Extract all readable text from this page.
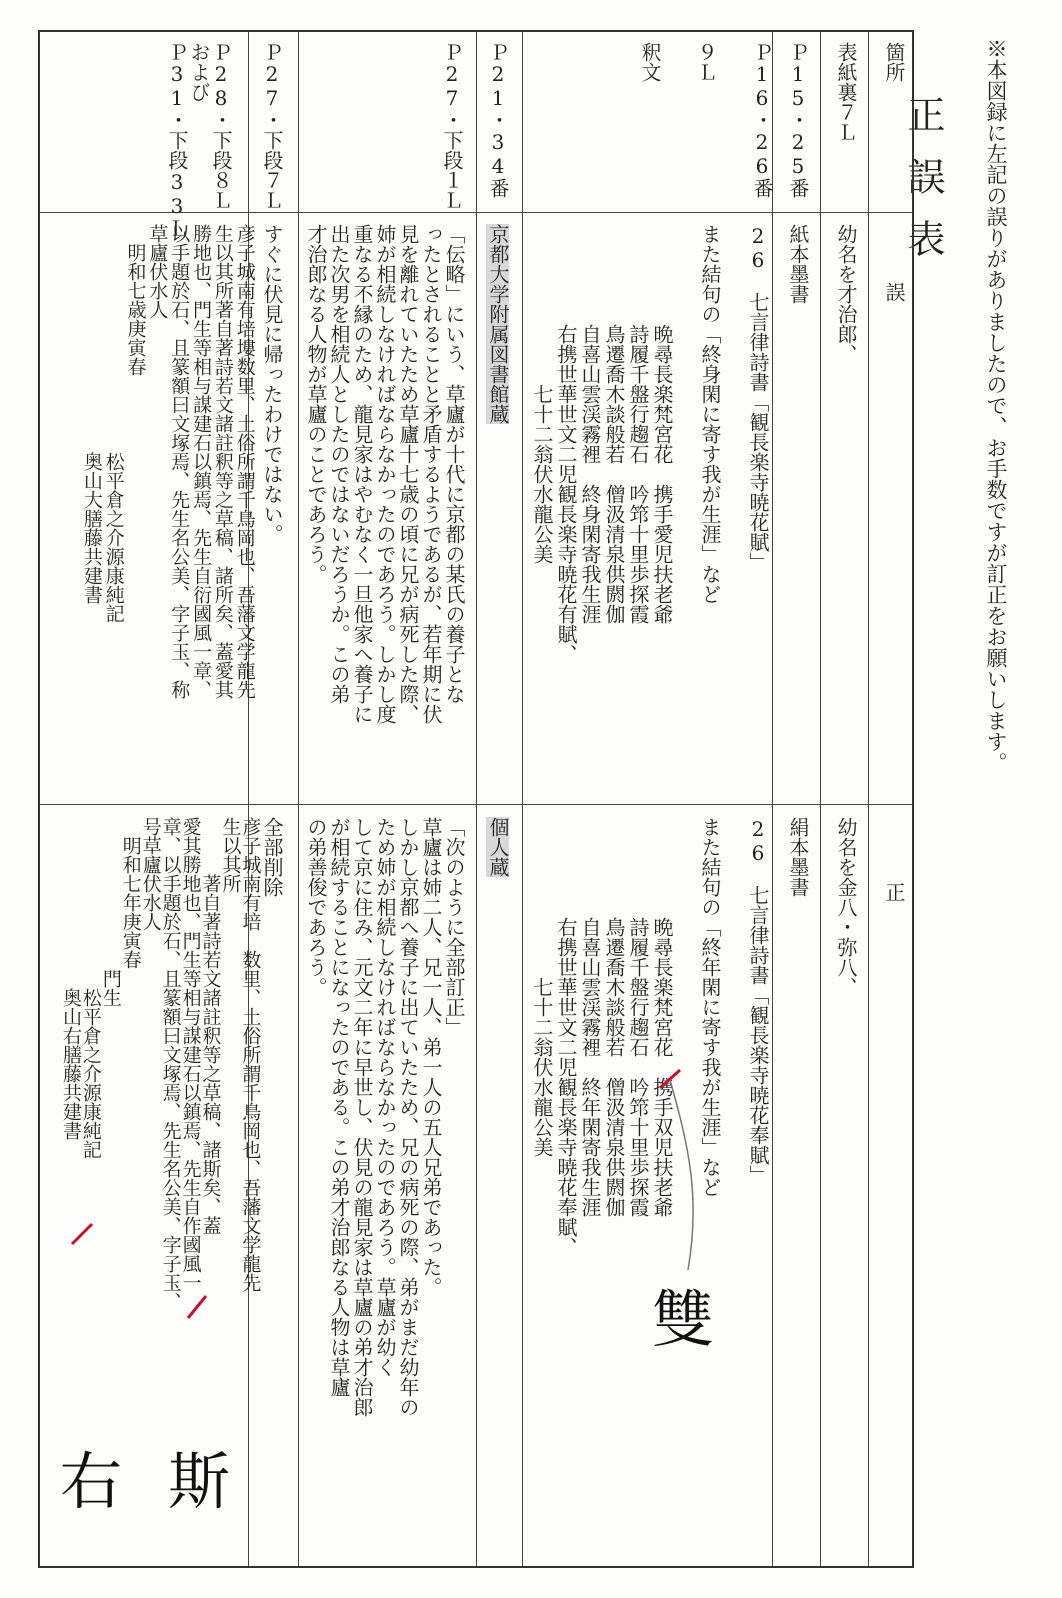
※本図録に左記の誤りがありましたので、お手数ですが訂正をお願いします。
正誤表
箇所
誤
正
表紙裏７Ｌ
幼名を才治郎、
幼名を金八・弥八、
Ｐ15・25番
紙本墨書
絹本墨書
Ｐ16・26番

９Ｌ

釈文
26　七言律詩書「観長楽寺暁花賦」

また結句の「終身閑に寄す我が生涯」など

　　　　　晩尋長楽梵宮花　携手愛児扶老爺
　　　　　詩履千盤行趨石　吟筇十里歩探霞
　　　　　鳥遷喬木談般若　僧汲清泉供閼伽
　　　　　自喜山雲渓霧裡　終身閑寄我生涯
　　　　　右携世華世文二児観長楽寺暁花有賦、
　　　　　　　　七十二翁伏水龍公美
26　七言律詩書「観長楽寺暁花奉賦」

また結句の「終年閑に寄す我が生涯」など

　　　　　晩尋長楽梵宮花　携手双児扶老爺
　　　　　詩履千盤行趨石　吟筇十里歩探霞
　　　　　鳥遷喬木談般若　僧汲清泉供閼伽
　　　　　自喜山雲渓霧裡　終年閑寄我生涯
　　　　　右携世華世文二児観長楽寺暁花奉賦、
　　　　　　　　七十二翁伏水龍公美
Ｐ21・34番
京都大学附属図書館蔵
個人蔵
Ｐ27・下段１Ｌ
「伝略」にいう、草廬が十代に京都の某氏の養子とな
ったとされることと矛盾するようであるが、若年期に伏
見を離れていたため草廬十七歳の頃に兄が病死した際、
姉が相続しなければならなかったのであろう。しかし度
重なる不縁のため、龍見家はやむなく一旦他家へ養子に
出た次男を相続人としたのではないだろうか。この弟
才治郎なる人物が草廬のことであろう。
「次のように全部訂正」
草廬は姉二人、兄一人、弟一人の五人兄弟であった。
しかし京都へ養子に出ていたため、兄の病死の際、弟がまだ幼年の
ため姉が相続しなければならなかったのであろう。草廬が幼く
して京に住み、元文二年に早世し、伏見の龍見家は草廬の弟才治郎
が相続することになったのである。この弟才治郎なる人物は草廬
の弟善俊であろう。
Ｐ27・下段７Ｌ
すぐに伏見に帰ったわけではない。
全部削除
Ｐ28・下段８Ｌ
および
Ｐ31・下段33Ｌ
彦子城南有培塿数里、土俗所謂千鳥岡也、吾藩文学龍先
生以其所著自著詩若文諸註釈等之草稿、諸所矣、蓋愛其
勝地也、門生等相与謀建石以鎮焉、先生自衍國風一章、
以手題於石、且篆額曰文塚焉、先生名公美、字子玉、称
草廬伏水人
　明和七歳庚寅春
　　　　　　　　　　　　松平倉之介源康純記
　　　　　　　　　　　　奥山大膳藤共建書
彦子城南有培　数里、土俗所謂千鳥岡也、吾藩文学龍先
生以其所
　　　著自著詩若文諸註釈等之草稿、諸斯矣、蓋
愛其勝地也、門生等相与謀建石以鎮焉、先生自作國風一
章、以手題於石、且篆額曰文塚焉、先生名公美、字子玉、
号草廬伏水人
　明和七年庚寅春
　　　　　　　　門生
　　　　　　　　　松平倉之介源康純記
　　　　　　　　　奥山右膳藤共建書
雙
右 斯
